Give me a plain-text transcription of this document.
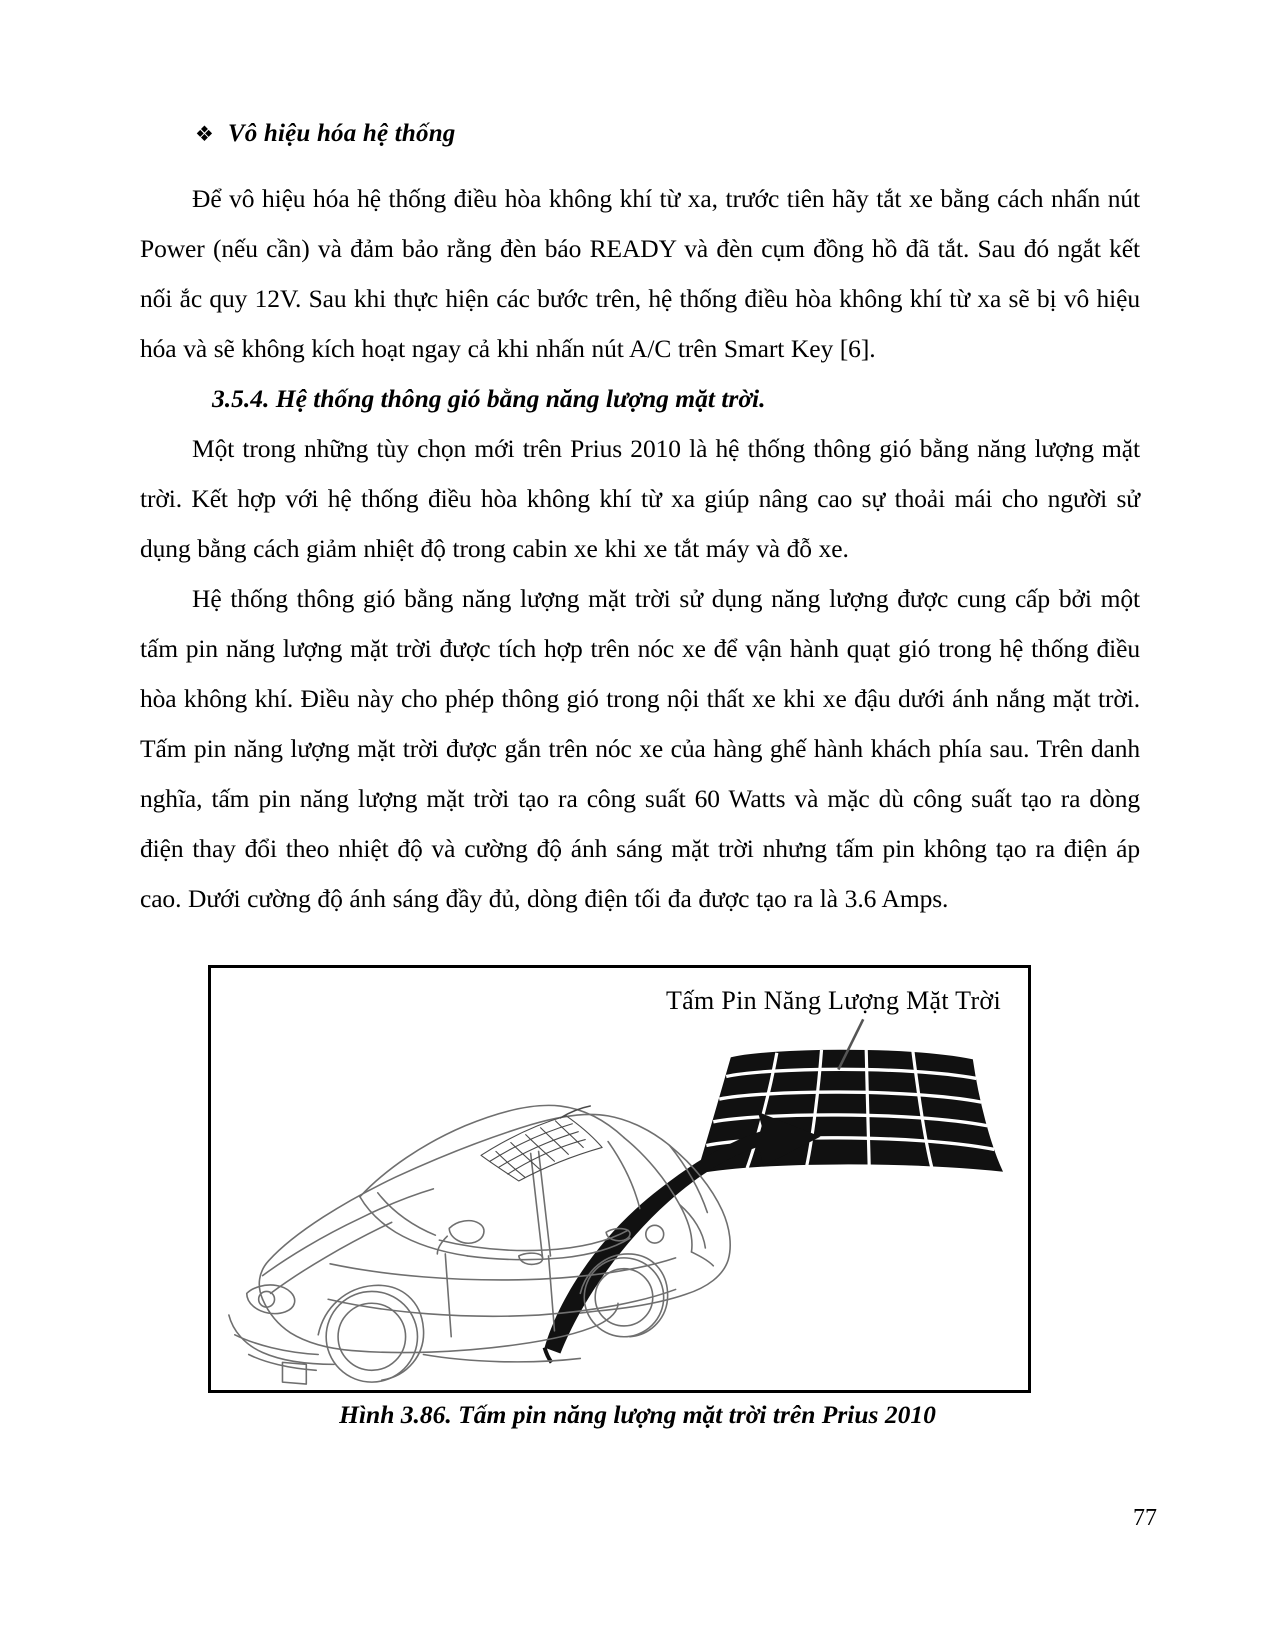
❖ Vô hiệu hóa hệ thống

Để vô hiệu hóa hệ thống điều hòa không khí từ xa, trước tiên hãy tắt xe bằng cách nhấn nút Power (nếu cần) và đảm bảo rằng đèn báo READY và đèn cụm đồng hồ đã tắt. Sau đó ngắt kết nối ắc quy 12V. Sau khi thực hiện các bước trên, hệ thống điều hòa không khí từ xa sẽ bị vô hiệu hóa và sẽ không kích hoạt ngay cả khi nhấn nút A/C trên Smart Key [6].

3.5.4. Hệ thống thông gió bằng năng lượng mặt trời.

Một trong những tùy chọn mới trên Prius 2010 là hệ thống thông gió bằng năng lượng mặt trời. Kết hợp với hệ thống điều hòa không khí từ xa giúp nâng cao sự thoải mái cho người sử dụng bằng cách giảm nhiệt độ trong cabin xe khi xe tắt máy và đỗ xe.

Hệ thống thông gió bằng năng lượng mặt trời sử dụng năng lượng được cung cấp bởi một tấm pin năng lượng mặt trời được tích hợp trên nóc xe để vận hành quạt gió trong hệ thống điều hòa không khí. Điều này cho phép thông gió trong nội thất xe khi xe đậu dưới ánh nắng mặt trời. Tấm pin năng lượng mặt trời được gắn trên nóc xe của hàng ghế hành khách phía sau. Trên danh nghĩa, tấm pin năng lượng mặt trời tạo ra công suất 60 Watts và mặc dù công suất tạo ra dòng điện thay đổi theo nhiệt độ và cường độ ánh sáng mặt trời nhưng tấm pin không tạo ra điện áp cao. Dưới cường độ ánh sáng đầy đủ, dòng điện tối đa được tạo ra là 3.6 Amps.

Tấm Pin Năng Lượng Mặt Trời
Hình 3.86. Tấm pin năng lượng mặt trời trên Prius 2010
77
